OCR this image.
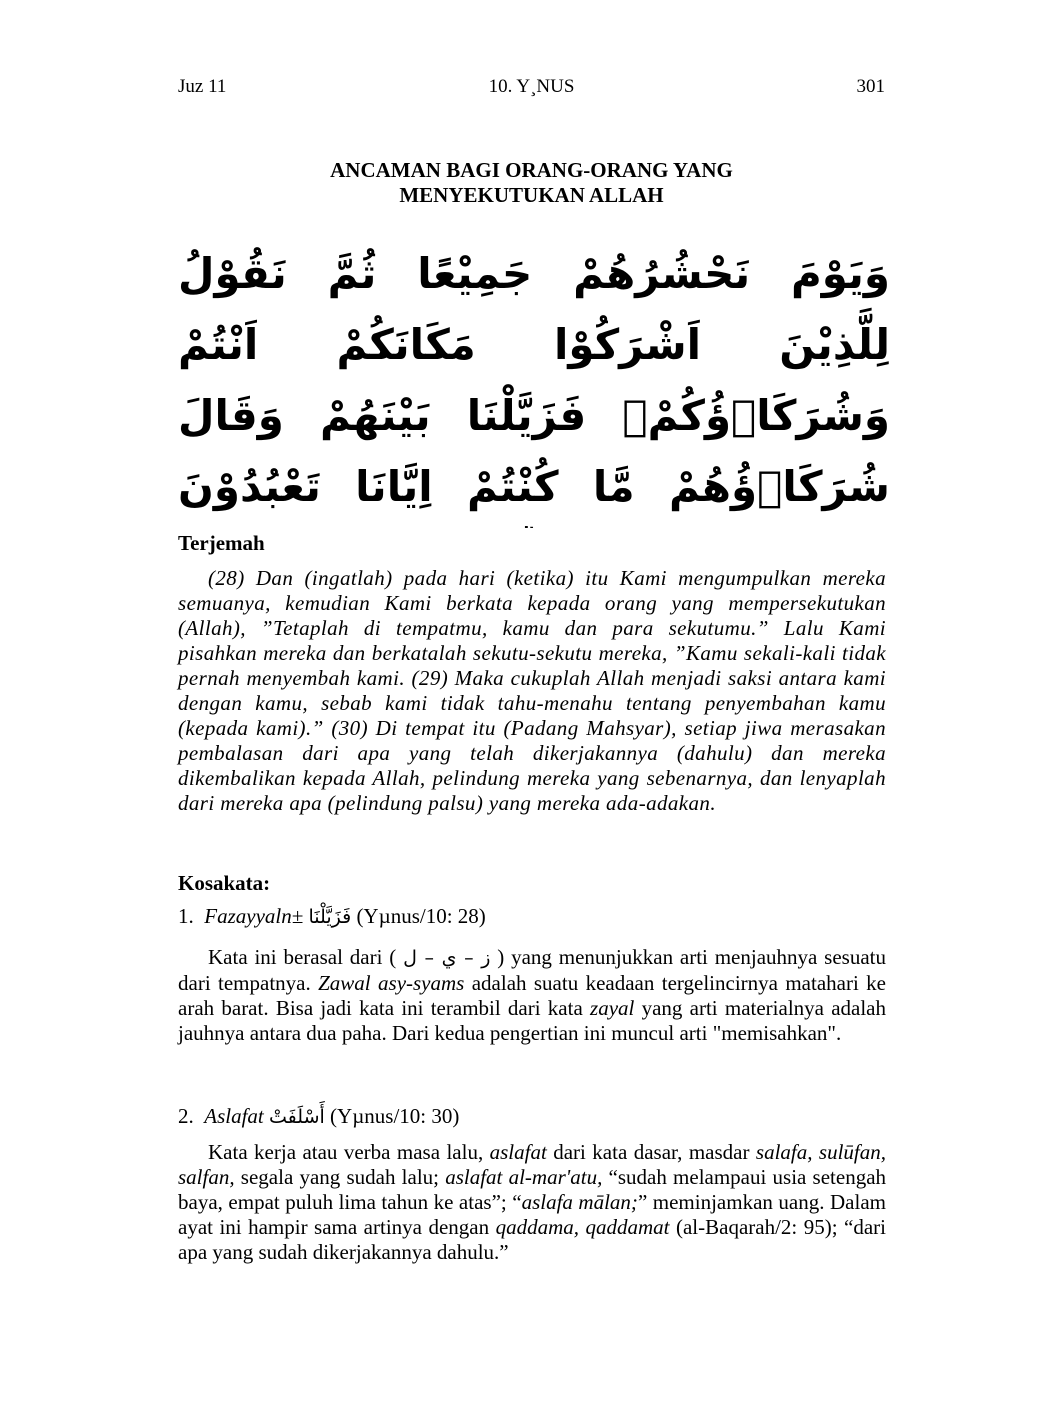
Juz 11	10. Y¸NUS	301
ANCAMAN BAGI ORANG-ORANG YANG
MENYEKUTUKAN ALLAH
وَيَوْمَ نَحْشُرُهُمْ جَمِيْعًا ثُمَّ نَقُوْلُ لِلَّذِيْنَ اَشْرَكُوْا مَكَانَكُمْ اَنْتُمْ وَشُرَكَاۤؤُكُمْۚ فَزَيَّلْنَا بَيْنَهُمْ وَقَالَ شُرَكَاۤؤُهُمْ مَّا كُنْتُمْ اِيَّانَا تَعْبُدُوْنَ
Terjemah

(28) Dan (ingatlah) pada hari (ketika) itu Kami mengumpulkan mereka semuanya, kemudian Kami berkata kepada orang yang mempersekutukan (Allah), ”Tetaplah di tempatmu, kamu dan para sekutumu.” Lalu Kami pisahkan mereka dan berkatalah sekutu-sekutu mereka, ”Kamu sekali-kali tidak pernah menyembah kami. (29) Maka cukuplah Allah menjadi saksi antara kami dengan kamu, sebab kami tidak tahu-menahu tentang penyembahan kamu (kepada kami).” (30) Di tempat itu (Padang Mahsyar), setiap jiwa merasakan pembalasan dari apa yang telah dikerjakannya (dahulu) dan mereka dikembalikan kepada Allah, pelindung mereka yang sebenarnya, dan lenyaplah dari mereka apa (pelindung palsu) yang mereka ada-adakan.

Kosakata:
1. Fazayyaln± فَزَيَّلْنَا (Yµnus/10: 28)

Kata ini berasal dari ( ز – ي – ل ) yang menunjukkan arti menjauhnya sesuatu dari tempatnya. Zawal asy-syams adalah suatu keadaan tergelincirnya matahari ke arah barat. Bisa jadi kata ini terambil dari kata zayal yang arti materialnya adalah jauhnya antara dua paha. Dari kedua pengertian ini muncul arti "memisahkan".

2. Aslafat أَسْلَفَتْ (Yµnus/10: 30)

Kata kerja atau verba masa lalu, aslafat dari kata dasar, masdar salafa, sulūfan, salfan, segala yang sudah lalu; aslafat al-mar'atu, “sudah melampaui usia setengah baya, empat puluh lima tahun ke atas”; “aslafa mālan;” meminjamkan uang. Dalam ayat ini hampir sama artinya dengan qaddama, qaddamat (al-Baqarah/2: 95); “dari apa yang sudah dikerjakannya dahulu.”
